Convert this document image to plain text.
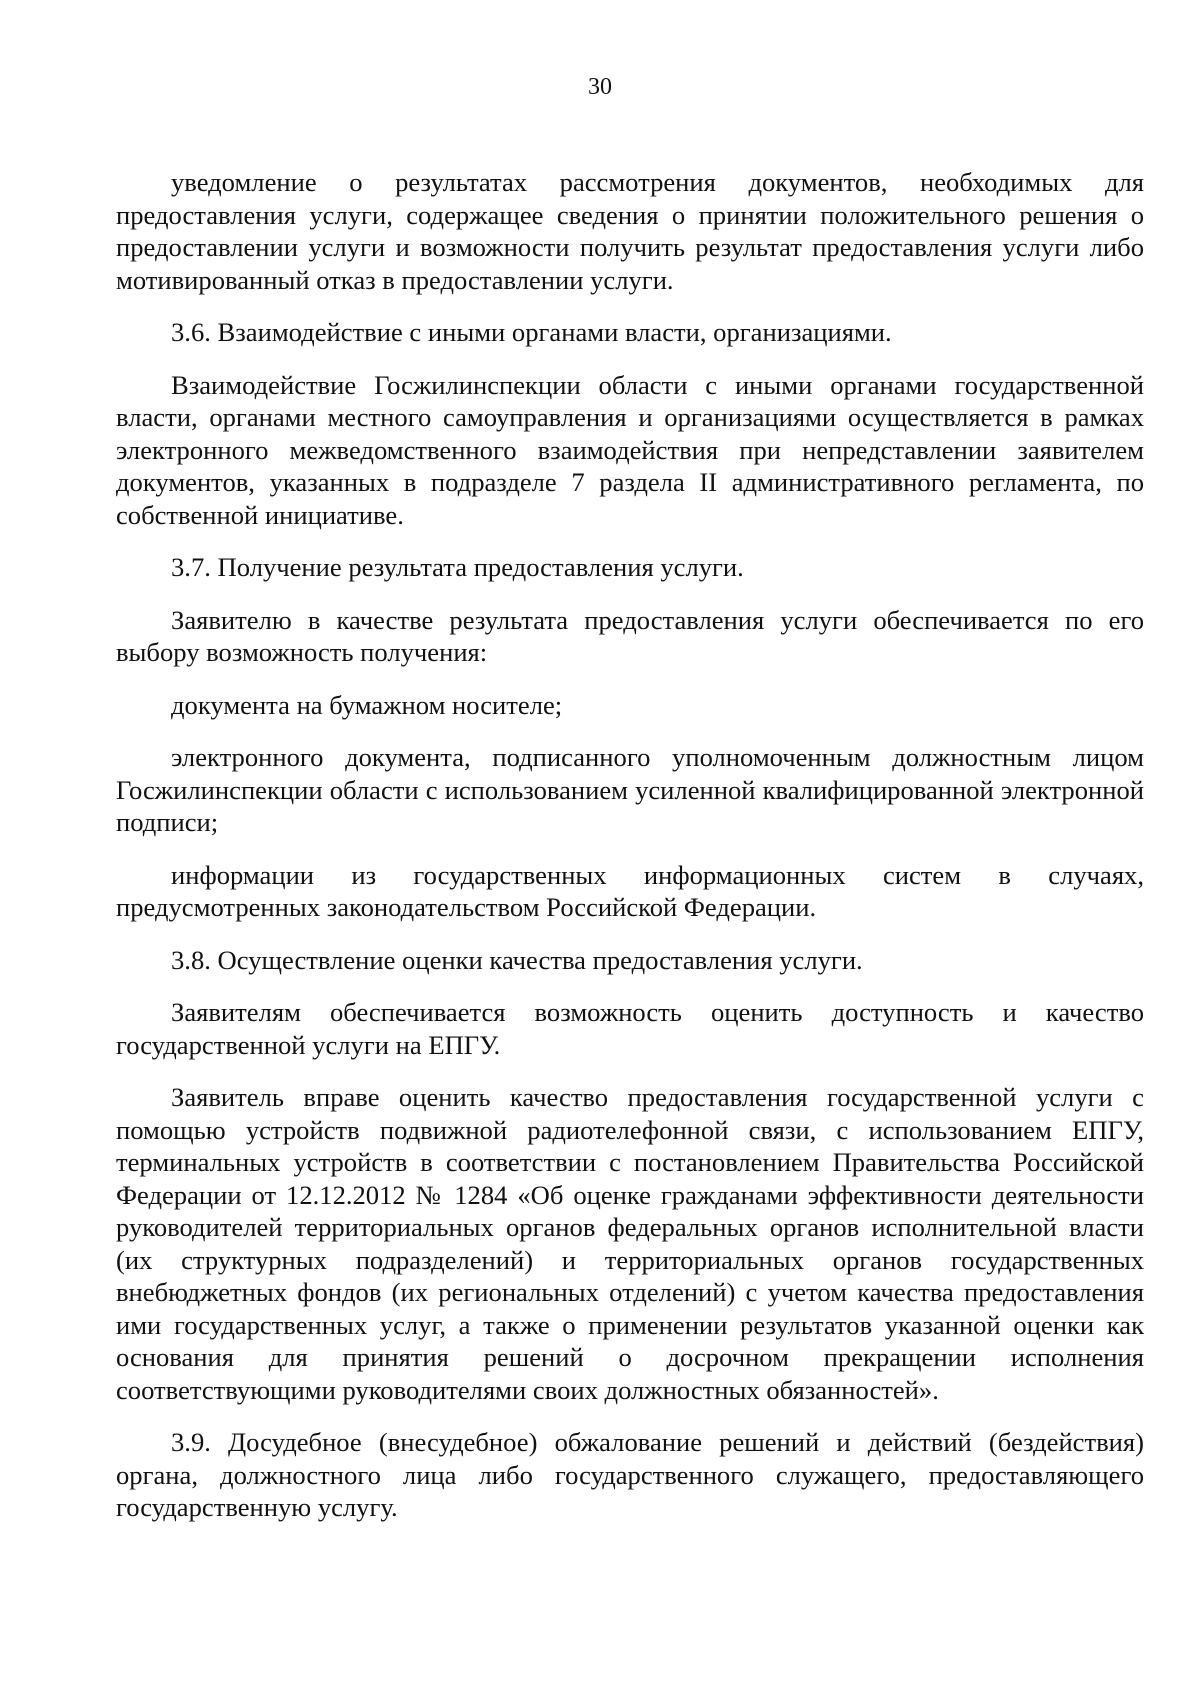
30

уведомление о результатах рассмотрения документов, необходимых для предоставления услуги, содержащее сведения о принятии положительного решения о предоставлении услуги и возможности получить результат предоставления услуги либо мотивированный отказ в предоставлении услуги.

3.6. Взаимодействие с иными органами власти, организациями.

Взаимодействие Госжилинспекции области с иными органами государственной власти, органами местного самоуправления и организациями осуществляется в рамках электронного межведомственного взаимодействия при непредставлении заявителем документов, указанных в подразделе 7 раздела II административного регламента, по собственной инициативе.

3.7. Получение результата предоставления услуги.

Заявителю в качестве результата предоставления услуги обеспечивается по его выбору возможность получения:

документа на бумажном носителе;

электронного документа, подписанного уполномоченным должностным лицом Госжилинспекции области с использованием усиленной квалифицированной электронной подписи;

информации из государственных информационных систем в случаях, предусмотренных законодательством Российской Федерации.

3.8. Осуществление оценки качества предоставления услуги.

Заявителям обеспечивается возможность оценить доступность и качество государственной услуги на ЕПГУ.

Заявитель вправе оценить качество предоставления государственной услуги с помощью устройств подвижной радиотелефонной связи, с использованием ЕПГУ, терминальных устройств в соответствии с постановлением Правительства Российской Федерации от 12.12.2012 № 1284 «Об оценке гражданами эффективности деятельности руководителей территориальных органов федеральных органов исполнительной власти (их структурных подразделений) и территориальных органов государственных внебюджетных фондов (их региональных отделений) с учетом качества предоставления ими государственных услуг, а также о применении результатов указанной оценки как основания для принятия решений о досрочном прекращении исполнения соответствующими руководителями своих должностных обязанностей».

3.9. Досудебное (внесудебное) обжалование решений и действий (бездействия) органа, должностного лица либо государственного служащего, предоставляющего государственную услугу.
